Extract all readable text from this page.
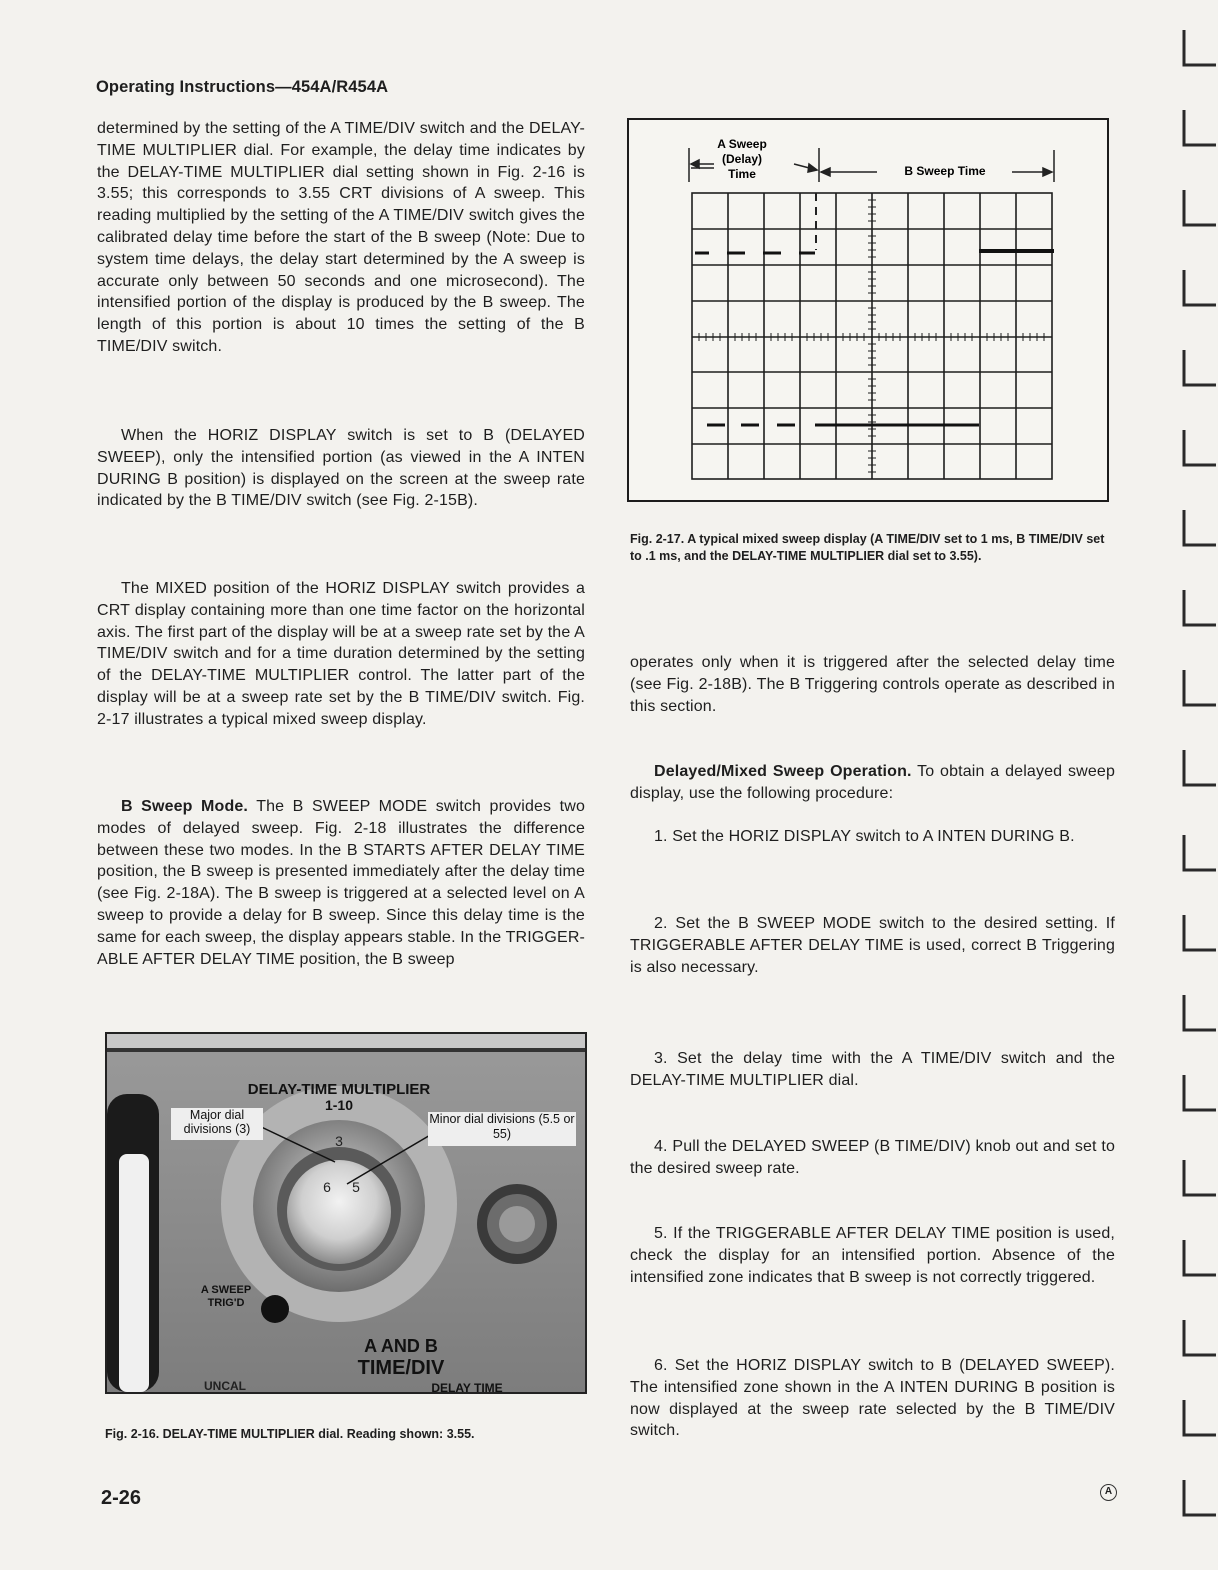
Operating Instructions—454A/R454A

determined by the setting of the A TIME/DIV switch and the DELAY-TIME MULTIPLIER dial. For example, the delay time indicates by the DELAY-TIME MULTIPLIER dial setting shown in Fig. 2-16 is 3.55; this corresponds to 3.55 CRT divisions of A sweep. This reading multiplied by the setting of the A TIME/DIV switch gives the calibrated delay time before the start of the B sweep (Note: Due to system time delays, the delay start determined by the A sweep is accurate only between 50 seconds and one microsecond). The intensified portion of the display is produced by the B sweep. The length of this portion is about 10 times the setting of the B TIME/DIV switch.

When the HORIZ DISPLAY switch is set to B (DELAYED SWEEP), only the intensified portion (as viewed in the A INTEN DURING B position) is displayed on the screen at the sweep rate indicated by the B TIME/DIV switch (see Fig. 2-15B).

The MIXED position of the HORIZ DISPLAY switch provides a CRT display containing more than one time factor on the horizontal axis. The first part of the display will be at a sweep rate set by the A TIME/DIV switch and for a time duration determined by the setting of the DELAY-TIME MULTIPLIER control. The latter part of the display will be at a sweep rate set by the B TIME/DIV switch. Fig. 2-17 illustrates a typical mixed sweep display.

B Sweep Mode. The B SWEEP MODE switch provides two modes of delayed sweep. Fig. 2-18 illustrates the difference between these two modes. In the B STARTS AFTER DELAY TIME position, the B sweep is presented immediately after the delay time (see Fig. 2-18A). The B sweep is triggered at a selected level on A sweep to provide a delay for B sweep. Since this delay time is the same for each sweep, the display appears stable. In the TRIGGER-ABLE AFTER DELAY TIME position, the B sweep

A Sweep
(Delay)
Time	B Sweep Time
Fig. 2-17. A typical mixed sweep display (A TIME/DIV set to 1 ms, B TIME/DIV set to .1 ms, and the DELAY-TIME MULTIPLIER dial set to 3.55).
3
6 5
DELAY-TIME MULTIPLIER
1-10
Major dial divisions (3)
Minor dial divisions (5.5 or 55)
A SWEEP TRIG'D
A AND B
TIME/DIV
UNCAL	DELAY TIME
Fig. 2-16. DELAY-TIME MULTIPLIER dial. Reading shown: 3.55.

operates only when it is triggered after the selected delay time (see Fig. 2-18B). The B Triggering controls operate as described in this section.

Delayed/Mixed Sweep Operation. To obtain a delayed sweep display, use the following procedure:

1. Set the HORIZ DISPLAY switch to A INTEN DURING B.

2. Set the B SWEEP MODE switch to the desired setting. If TRIGGERABLE AFTER DELAY TIME is used, correct B Triggering is also necessary.

3. Set the delay time with the A TIME/DIV switch and the DELAY-TIME MULTIPLIER dial.

4. Pull the DELAYED SWEEP (B TIME/DIV) knob out and set to the desired sweep rate.

5. If the TRIGGERABLE AFTER DELAY TIME position is used, check the display for an intensified portion. Absence of the intensified zone indicates that B sweep is not correctly triggered.

6. Set the HORIZ DISPLAY switch to B (DELAYED SWEEP). The intensified zone shown in the A INTEN DURING B position is now displayed at the sweep rate selected by the B TIME/DIV switch.

2-26	A
